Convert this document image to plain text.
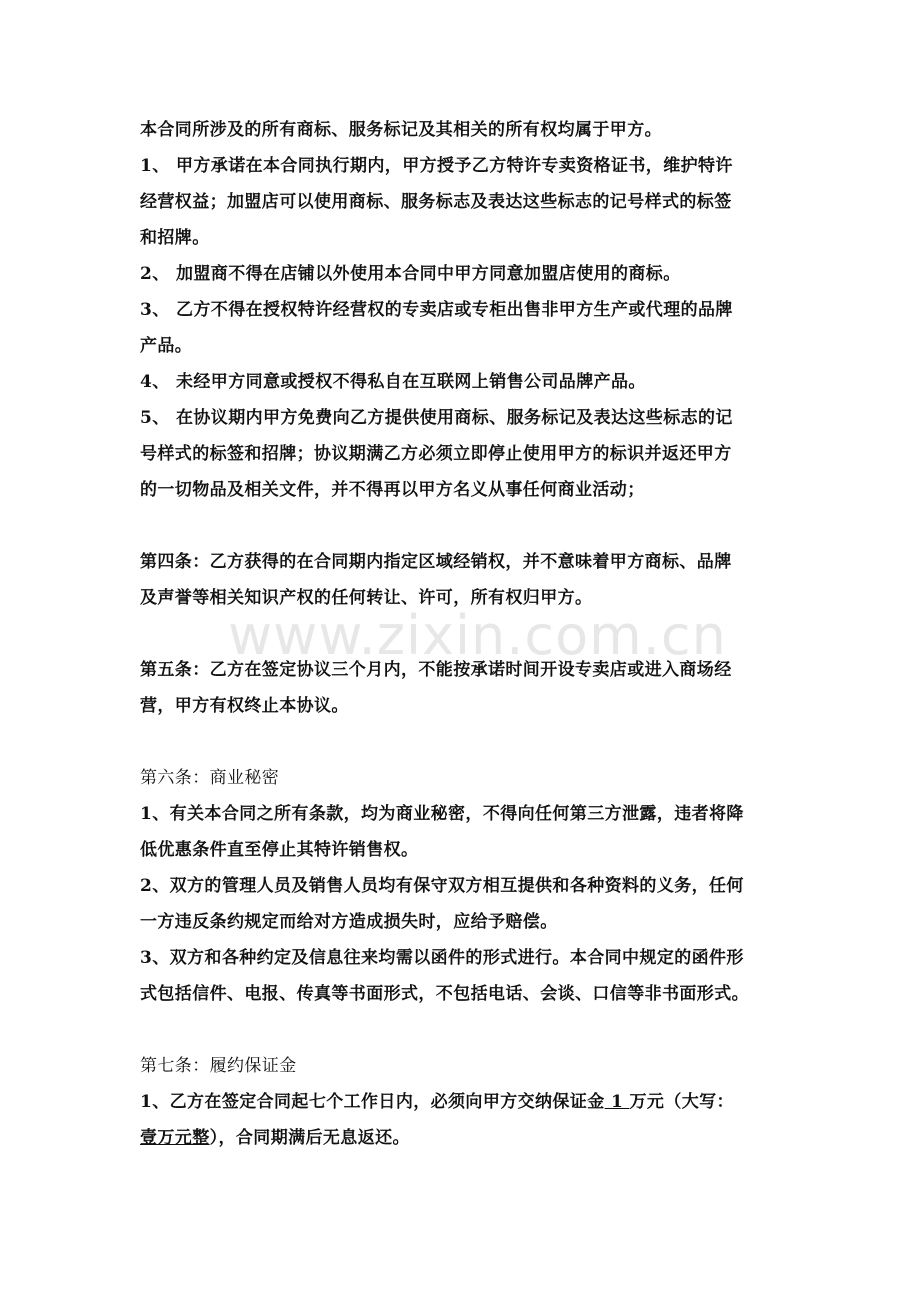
www.zixin.com.cn
本合同所涉及的所有商标、服务标记及其相关的所有权均属于甲方。
1、 甲方承诺在本合同执行期内，甲方授予乙方特许专卖资格证书，维护特许
经营权益；加盟店可以使用商标、服务标志及表达这些标志的记号样式的标签
和招牌。
2、 加盟商不得在店铺以外使用本合同中甲方同意加盟店使用的商标。
3、 乙方不得在授权特许经营权的专卖店或专柜出售非甲方生产或代理的品牌
产品。
4、 未经甲方同意或授权不得私自在互联网上销售公司品牌产品。
5、 在协议期内甲方免费向乙方提供使用商标、服务标记及表达这些标志的记
号样式的标签和招牌；协议期满乙方必须立即停止使用甲方的标识并返还甲方
的一切物品及相关文件，并不得再以甲方名义从事任何商业活动；
第四条：乙方获得的在合同期内指定区域经销权，并不意味着甲方商标、品牌
及声誉等相关知识产权的任何转让、许可，所有权归甲方。
第五条：乙方在签定协议三个月内，不能按承诺时间开设专卖店或进入商场经
营，甲方有权终止本协议。
第六条：商业秘密
1、有关本合同之所有条款，均为商业秘密，不得向任何第三方泄露，违者将降
低优惠条件直至停止其特许销售权。
2、双方的管理人员及销售人员均有保守双方相互提供和各种资料的义务，任何
一方违反条约规定而给对方造成损失时，应给予赔偿。
3、双方和各种约定及信息往来均需以函件的形式进行。本合同中规定的函件形
式包括信件、电报、传真等书面形式，不包括电话、会谈、口信等非书面形式。
第七条：履约保证金
1、乙方在签定合同起七个工作日内，必须向甲方交纳保证金 1 万元（大写：
壹万元整），合同期满后无息返还。
